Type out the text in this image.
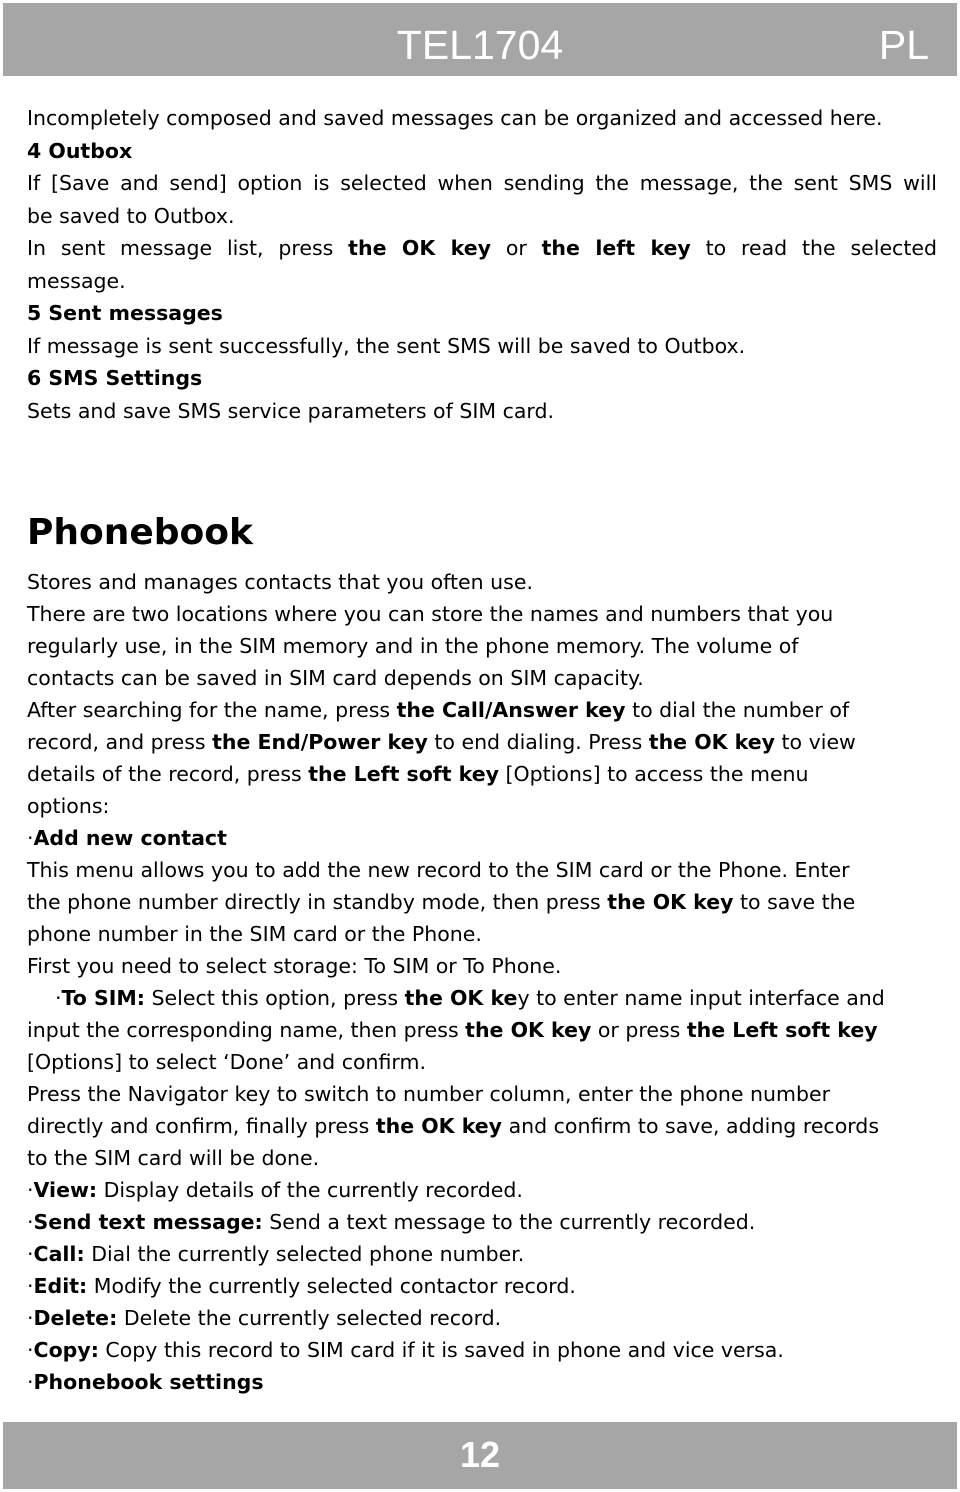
TEL1704	PL

Incompletely composed and saved messages can be organized and accessed here.

4 Outbox

If [Save and send] option is selected when sending the message, the sent SMS will

be saved to Outbox.

In sent message list, press the OK key or the left key to read the selected

message.

5 Sent messages

If message is sent successfully, the sent SMS will be saved to Outbox.

6 SMS Settings

Sets and save SMS service parameters of SIM card.

Phonebook

Stores and manages contacts that you often use.

There are two locations where you can store the names and numbers that you

regularly use, in the SIM memory and in the phone memory. The volume of

contacts can be saved in SIM card depends on SIM capacity.

After searching for the name, press the Call/Answer key to dial the number of

record, and press the End/Power key to end dialing. Press the OK key to view

details of the record, press the Left soft key [Options] to access the menu

options:

·Add new contact

This menu allows you to add the new record to the SIM card or the Phone. Enter

the phone number directly in standby mode, then press the OK key to save the

phone number in the SIM card or the Phone.

First you need to select storage: To SIM or To Phone.

·To SIM: Select this option, press the OK key to enter name input interface and

input the corresponding name, then press the OK key or press the Left soft key

[Options] to select ‘Done’ and confirm.

Press the Navigator key to switch to number column, enter the phone number

directly and confirm, finally press the OK key and confirm to save, adding records

to the SIM card will be done.

·View: Display details of the currently recorded.

·Send text message: Send a text message to the currently recorded.

·Call: Dial the currently selected phone number.

·Edit: Modify the currently selected contactor record.

·Delete: Delete the currently selected record.

·Copy: Copy this record to SIM card if it is saved in phone and vice versa.

·Phonebook settings

12
